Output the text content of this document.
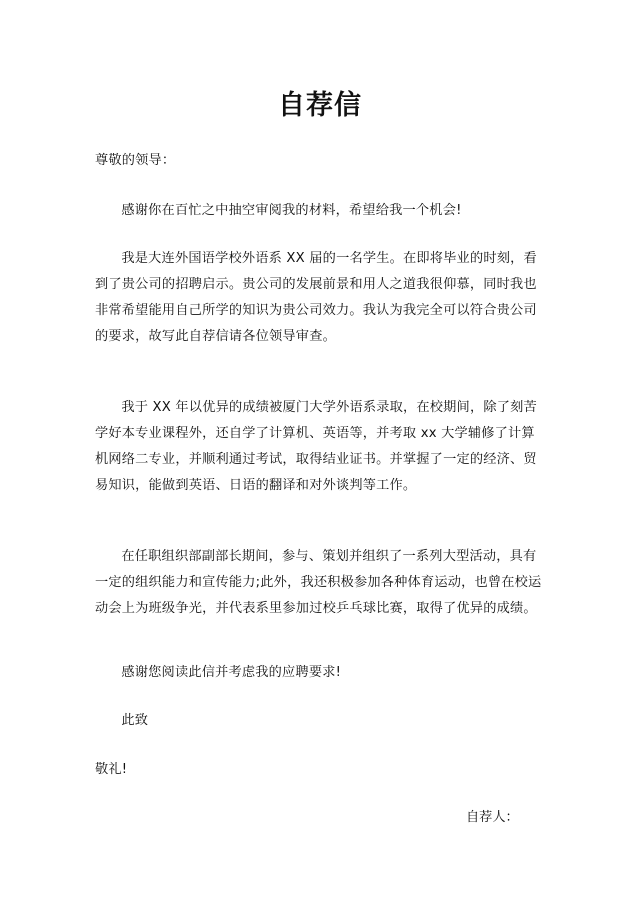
自荐信
尊敬的领导：
感谢你在百忙之中抽空审阅我的材料，希望给我一个机会!
我是大连外国语学校外语系 XX 届的一名学生。在即将毕业的时刻，看到了贵公司的招聘启示。贵公司的发展前景和用人之道我很仰慕，同时我也非常希望能用自己所学的知识为贵公司效力。我认为我完全可以符合贵公司的要求，故写此自荐信请各位领导审查。
我于 XX 年以优异的成绩被厦门大学外语系录取，在校期间，除了刻苦学好本专业课程外，还自学了计算机、英语等，并考取 xx 大学辅修了计算机网络二专业，并顺利通过考试，取得结业证书。并掌握了一定的经济、贸易知识，能做到英语、日语的翻译和对外谈判等工作。
在任职组织部副部长期间，参与、策划并组织了一系列大型活动，具有一定的组织能力和宣传能力;此外，我还积极参加各种体育运动，也曾在校运动会上为班级争光，并代表系里参加过校乒乓球比赛，取得了优异的成绩。
感谢您阅读此信并考虑我的应聘要求!
此致
敬礼!
自荐人：
